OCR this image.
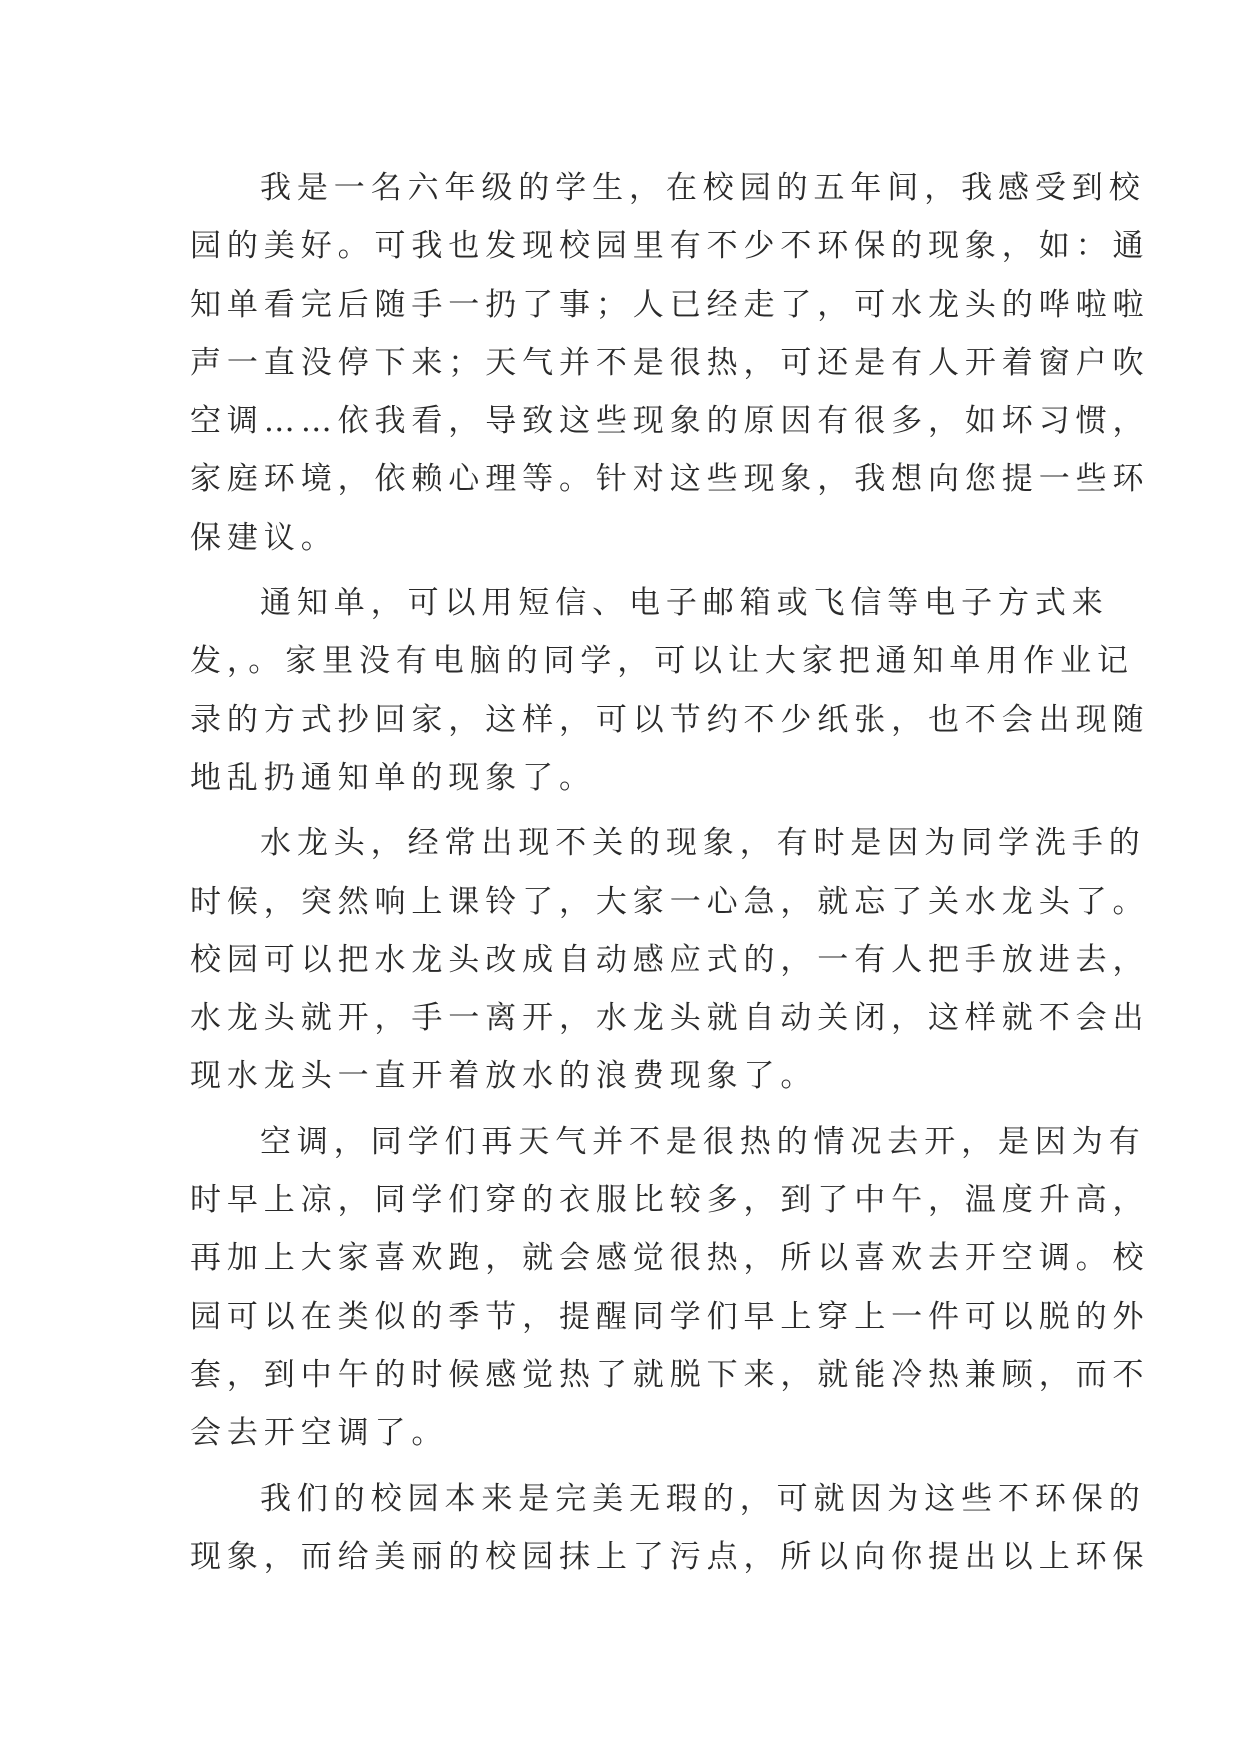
我是一名六年级的学生，在校园的五年间，我感受到校
园的美好。可我也发现校园里有不少不环保的现象，如：通
知单看完后随手一扔了事；人已经走了，可水龙头的哗啦啦
声一直没停下来；天气并不是很热，可还是有人开着窗户吹
空调……依我看，导致这些现象的原因有很多，如坏习惯，
家庭环境，依赖心理等。针对这些现象，我想向您提一些环
保建议。
通知单，可以用短信、电子邮箱或飞信等电子方式来
发，。家里没有电脑的同学，可以让大家把通知单用作业记
录的方式抄回家，这样，可以节约不少纸张，也不会出现随
地乱扔通知单的现象了。
水龙头，经常出现不关的现象，有时是因为同学洗手的
时候，突然响上课铃了，大家一心急，就忘了关水龙头了。
校园可以把水龙头改成自动感应式的，一有人把手放进去，
水龙头就开，手一离开，水龙头就自动关闭，这样就不会出
现水龙头一直开着放水的浪费现象了。
空调，同学们再天气并不是很热的情况去开，是因为有
时早上凉，同学们穿的衣服比较多，到了中午，温度升高，
再加上大家喜欢跑，就会感觉很热，所以喜欢去开空调。校
园可以在类似的季节，提醒同学们早上穿上一件可以脱的外
套，到中午的时候感觉热了就脱下来，就能冷热兼顾，而不
会去开空调了。
我们的校园本来是完美无瑕的，可就因为这些不环保的
现象，而给美丽的校园抹上了污点，所以向你提出以上环保
